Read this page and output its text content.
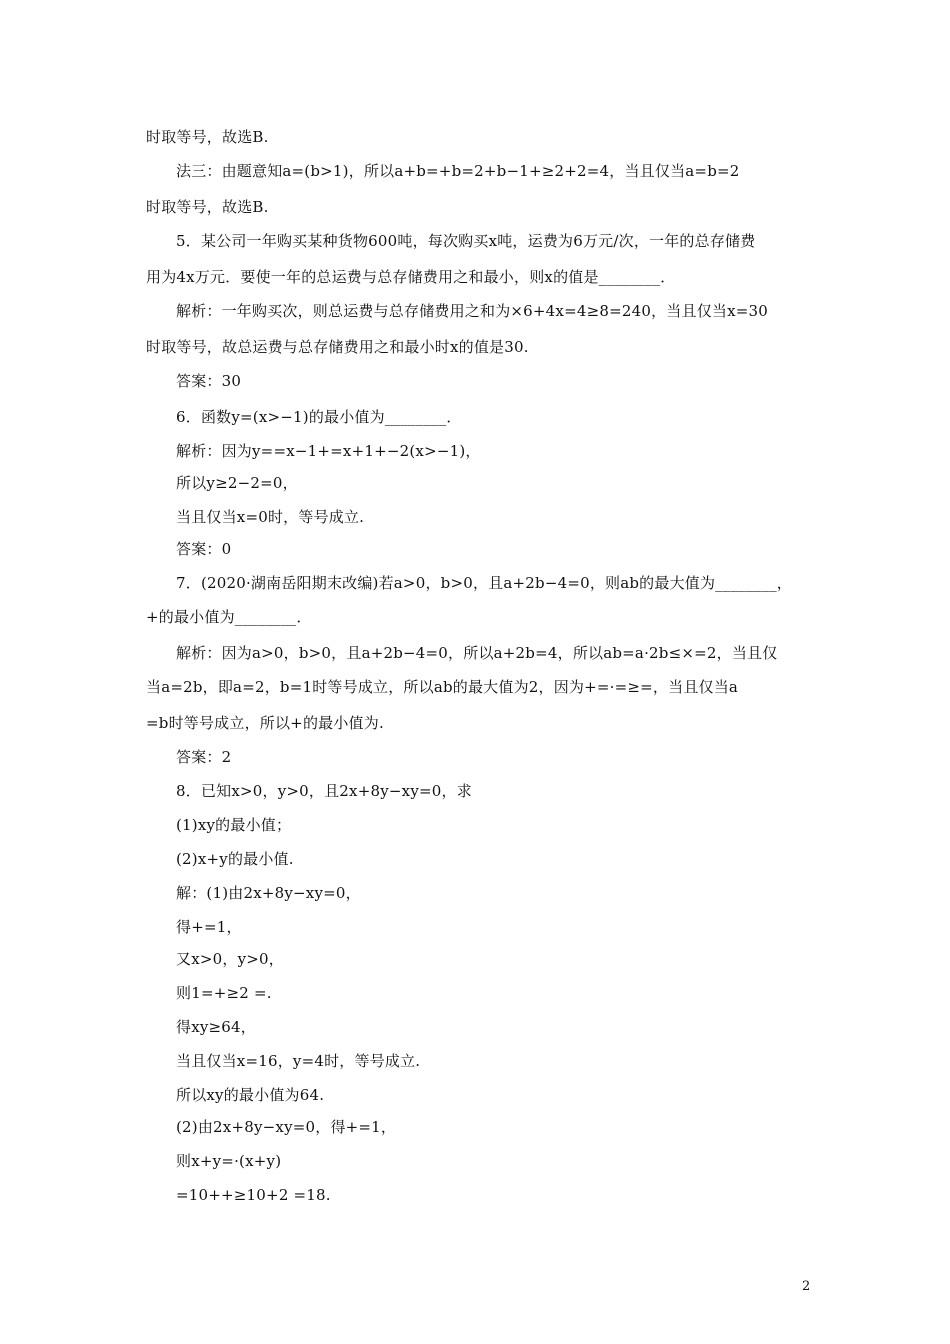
时取等号，故选B.
法三：由题意知a=(b>1)，所以a+b=+b=2+b−1+≥2+2=4，当且仅当a=b=2
时取等号，故选B.
5．某公司一年购买某种货物600吨，每次购买x吨，运费为6万元/次，一年的总存储费
用为4x万元．要使一年的总运费与总存储费用之和最小，则x的值是________．
解析：一年购买次，则总运费与总存储费用之和为×6+4x=4≥8=240，当且仅当x=30
时取等号，故总运费与总存储费用之和最小时x的值是30.
答案：30
6．函数y=(x>−1)的最小值为________．
解析：因为y==x−1+=x+1+−2(x>−1)，
所以y≥2−2=0，
当且仅当x=0时，等号成立.
答案：0
7．(2020·湖南岳阳期末改编)若a>0，b>0，且a+2b−4=0，则ab的最大值为________，
+的最小值为________．
解析：因为a>0，b>0，且a+2b−4=0，所以a+2b=4，所以ab=a·2b≤×=2，当且仅
当a=2b，即a=2，b=1时等号成立，所以ab的最大值为2，因为+=·=≥=，当且仅当a
=b时等号成立，所以+的最小值为.
答案：2
8．已知x>0，y>0，且2x+8y−xy=0，求
(1)xy的最小值；
(2)x+y的最小值.
解：(1)由2x+8y−xy=0，
得+=1，
又x>0，y>0，
则1=+≥2 =.
得xy≥64，
当且仅当x=16，y=4时，等号成立.
所以xy的最小值为64.
(2)由2x+8y−xy=0，得+=1，
则x+y=·(x+y)
=10++≥10+2 =18.
2
